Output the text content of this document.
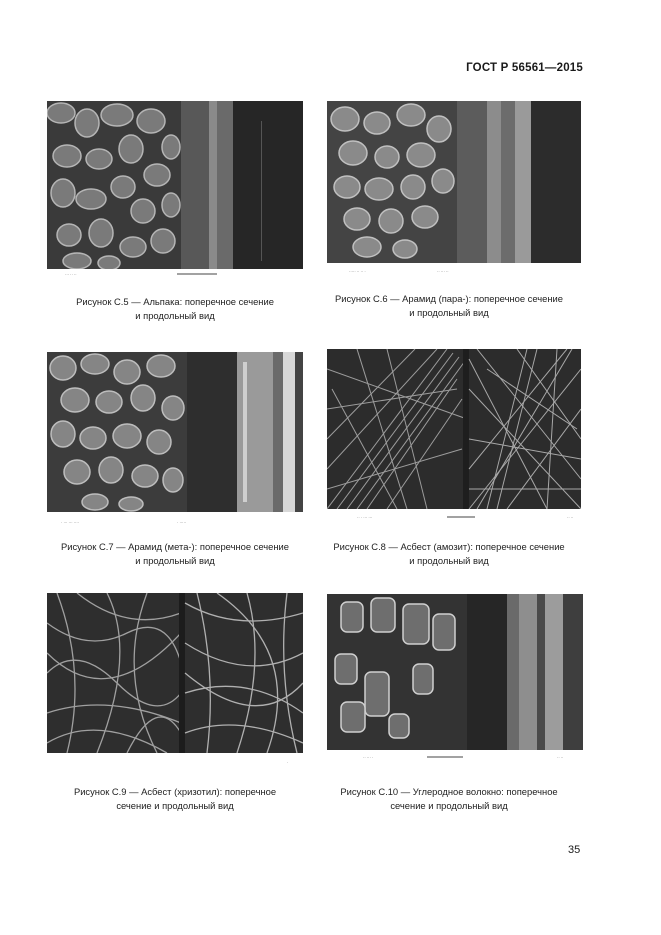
ГОСТ Р 56561—2015
··· ·· ··
Рисунок С.5 — Альпака: поперечное сечение
и продольный вид
····· ·· ·· ·	·· ··· ··
Рисунок С.6 — Арамид (пара-): поперечное сечение
и продольный вид
· ··· ··· ····	· ·····
Рисунок С.7 — Арамид (мета-): поперечное сечение
и продольный вид
·· · ··· ···	·· ··
Рисунок С.8 — Асбест (амозит): поперечное сечение
и продольный вид
·
Рисунок С.9 — Асбест (хризотил): поперечное
сечение и продольный вид
·· ··· ·	·· ··
Рисунок С.10 — Углеродное волокно: поперечное
сечение и продольный вид
35
